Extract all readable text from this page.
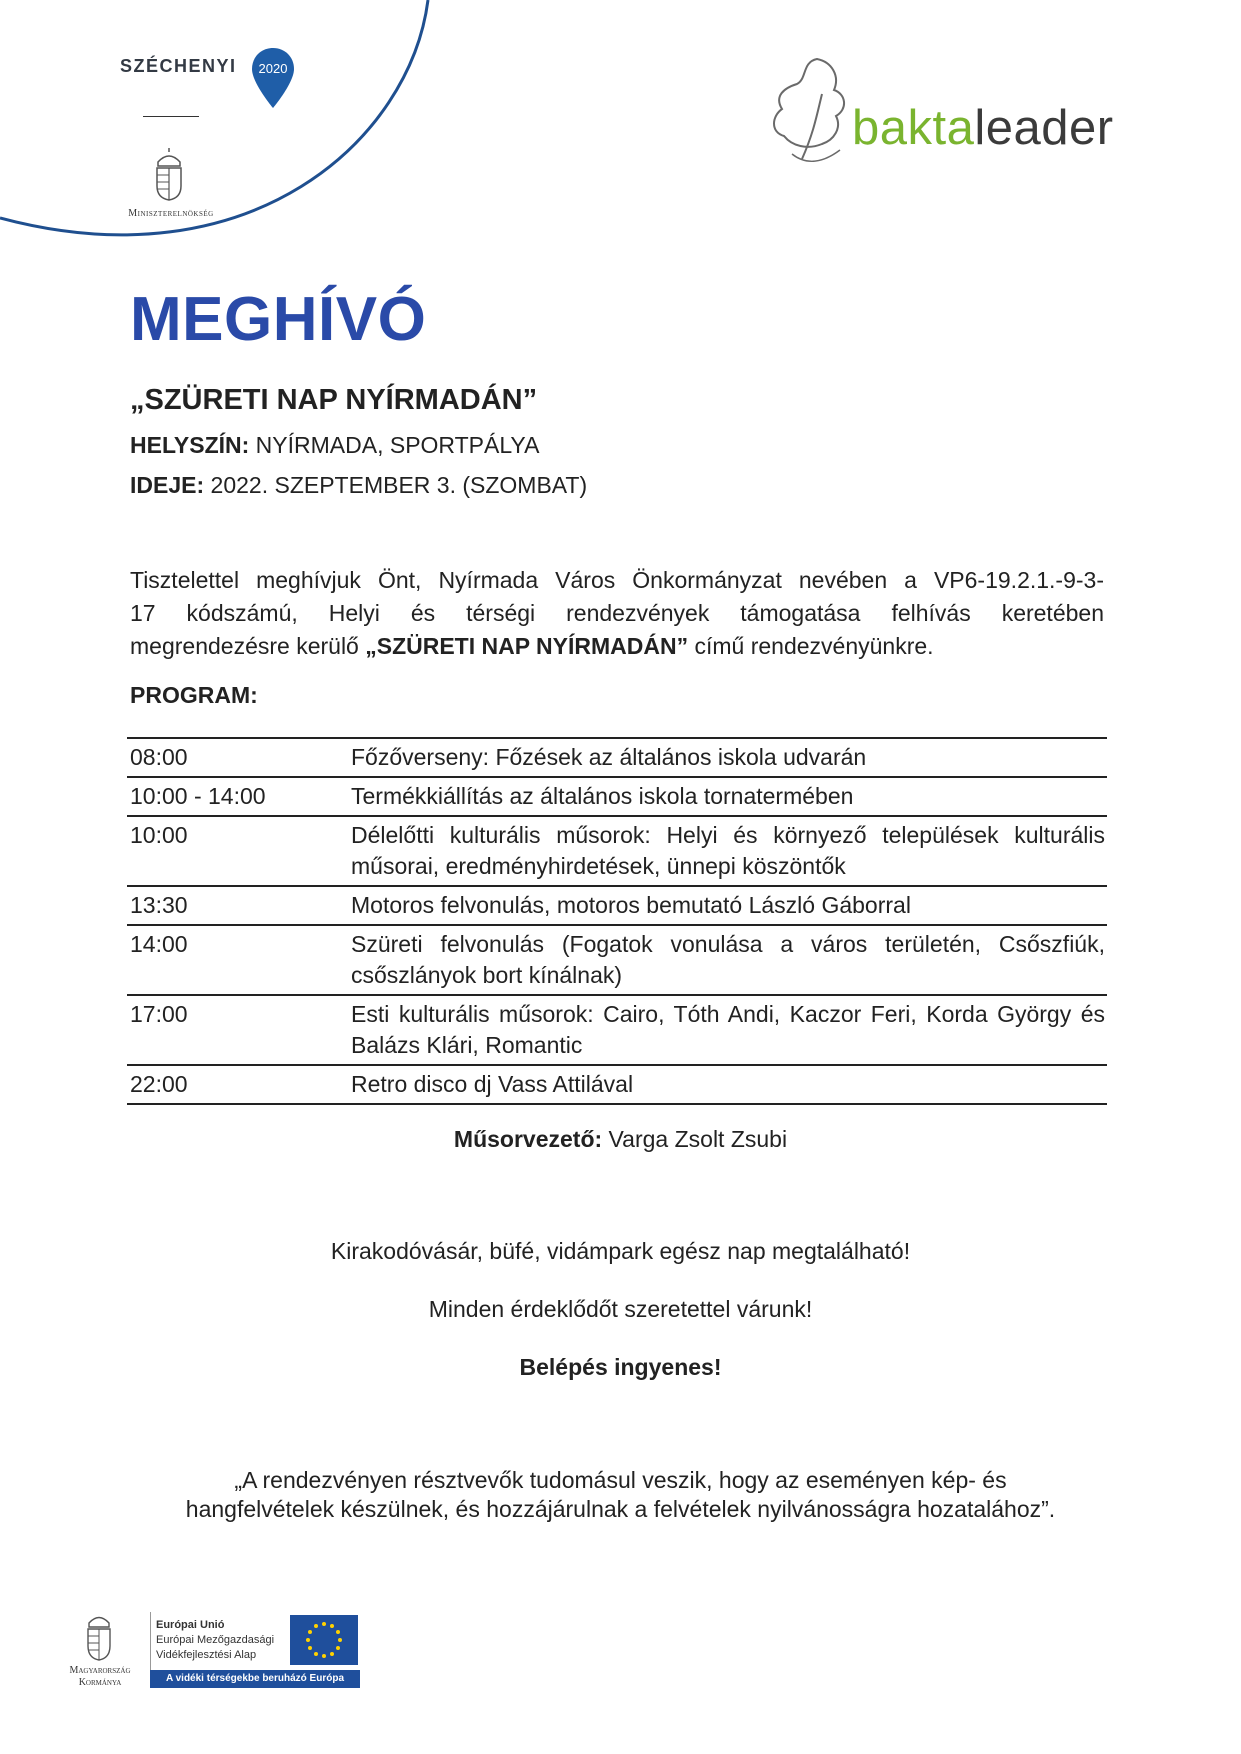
SZÉCHENYI 2020
Miniszterelnökség
baktaleader
MEGHÍVÓ
„SZÜRETI NAP NYÍRMADÁN”
HELYSZÍN: NYÍRMADA, SPORTPÁLYA
IDEJE: 2022. SZEPTEMBER 3. (SZOMBAT)
Tisztelettel meghívjuk Önt, Nyírmada Város Önkormányzat nevében a VP6-19.2.1.-9-3-
17 kódszámú, Helyi és térségi rendezvények támogatása felhívás keretében
megrendezésre kerülő „SZÜRETI NAP NYÍRMADÁN” című rendezvényünkre.
PROGRAM:
08:00	Főzőverseny: Főzések az általános iskola udvarán
10:00 - 14:00	Termékkiállítás az általános iskola tornatermében
10:00	Délelőtti kulturális műsorok: Helyi és környező települések kulturális műsorai, eredményhirdetések, ünnepi köszöntők
13:30	Motoros felvonulás, motoros bemutató László Gáborral
14:00	Szüreti felvonulás (Fogatok vonulása a város területén, Csőszfiúk, csőszlányok bort kínálnak)
17:00	Esti kulturális műsorok: Cairo, Tóth Andi, Kaczor Feri, Korda György és Balázs Klári, Romantic
22:00	Retro disco dj Vass Attilával
Műsorvezető: Varga Zsolt Zsubi
Kirakodóvásár, büfé, vidámpark egész nap megtalálható!
Minden érdeklődőt szeretettel várunk!
Belépés ingyenes!
„A rendezvényen résztvevők tudomásul veszik, hogy az eseményen kép- és
hangfelvételek készülnek, és hozzájárulnak a felvételek nyilvánosságra hozatalához”.
Magyarország
Kormánya
Európai Unió
Európai Mezőgazdasági
Vidékfejlesztési Alap
A vidéki térségekbe beruházó Európa
